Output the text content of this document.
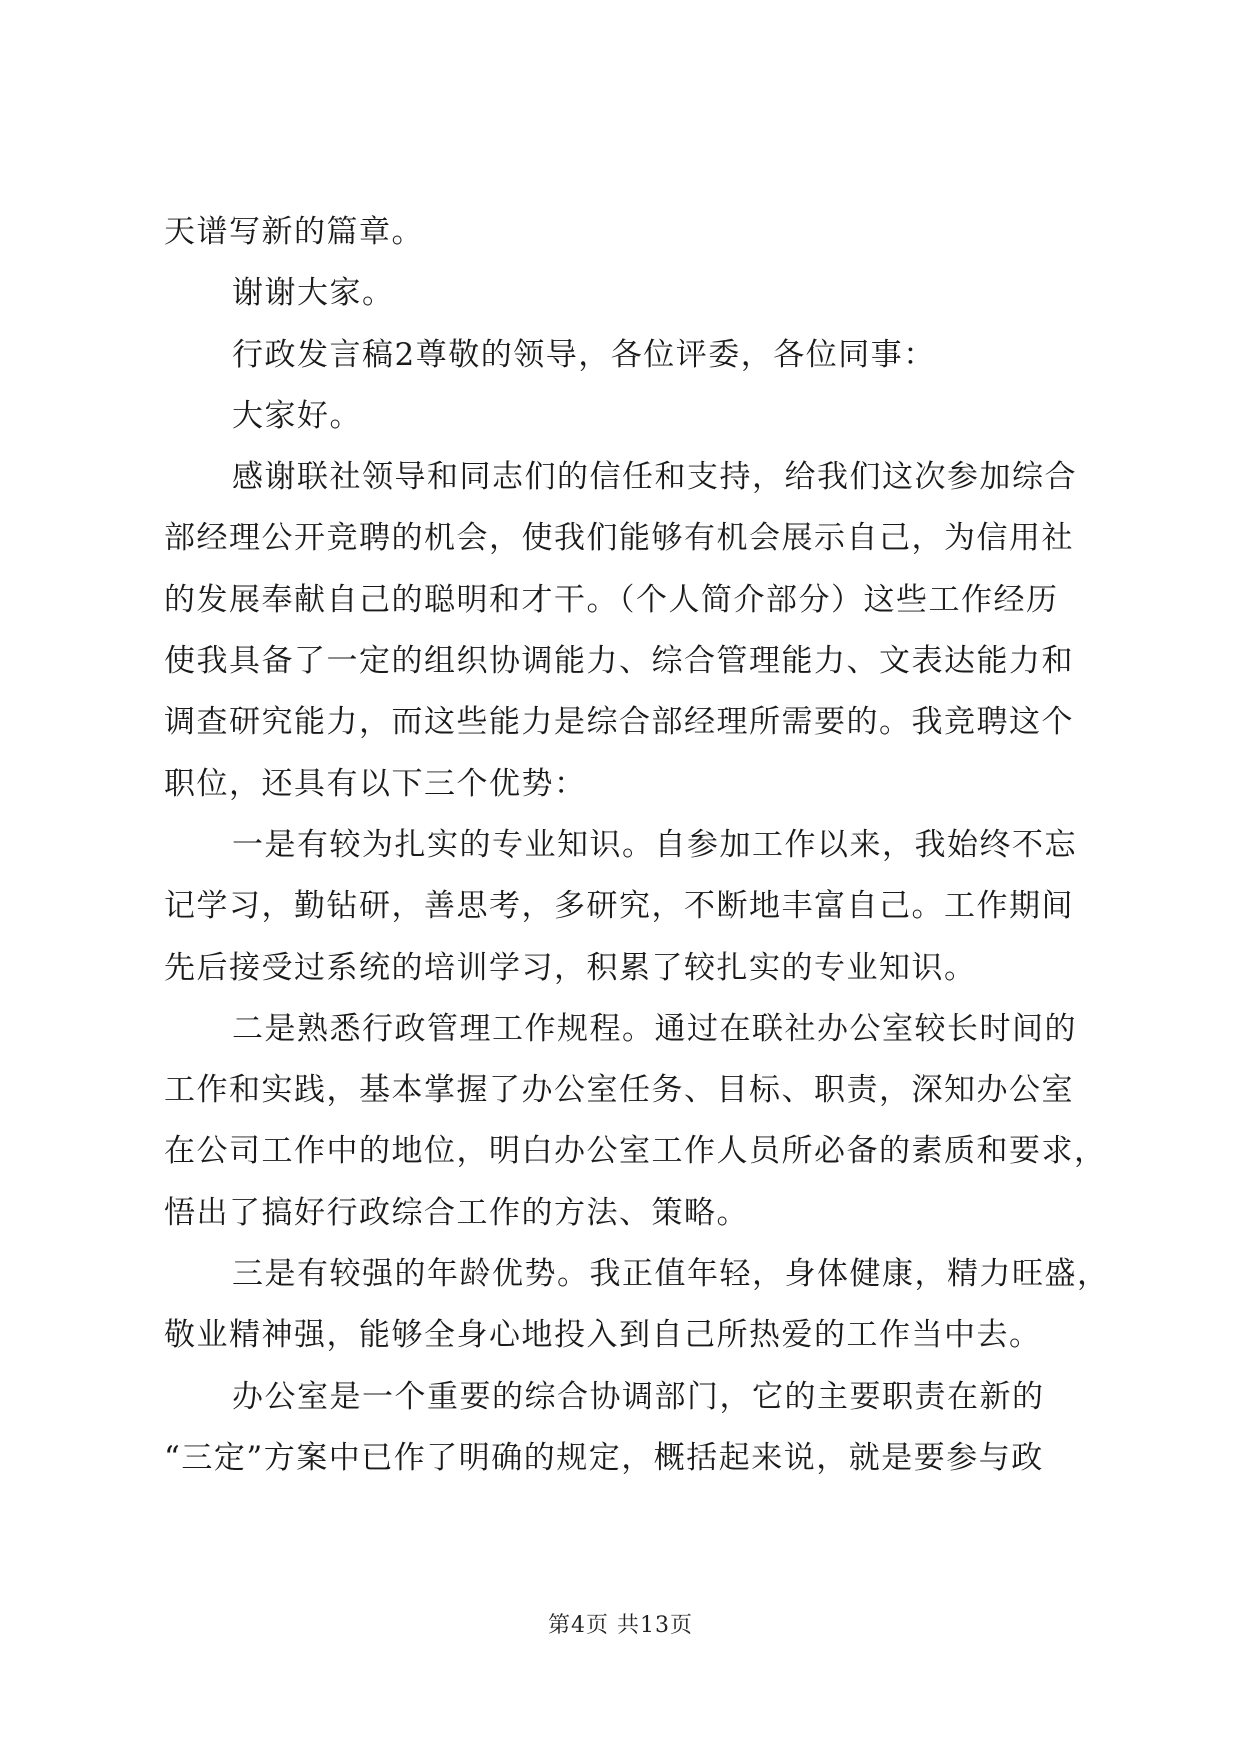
天谱写新的篇章。
谢谢大家。
行政发言稿2尊敬的领导，各位评委，各位同事：
大家好。
感谢联社领导和同志们的信任和支持，给我们这次参加综合
部经理公开竞聘的机会，使我们能够有机会展示自己，为信用社
的发展奉献自己的聪明和才干。（个人简介部分）这些工作经历
使我具备了一定的组织协调能力、综合管理能力、文表达能力和
调查研究能力，而这些能力是综合部经理所需要的。我竞聘这个
职位，还具有以下三个优势：
一是有较为扎实的专业知识。自参加工作以来，我始终不忘
记学习，勤钻研，善思考，多研究，不断地丰富自己。工作期间
先后接受过系统的培训学习，积累了较扎实的专业知识。
二是熟悉行政管理工作规程。通过在联社办公室较长时间的
工作和实践，基本掌握了办公室任务、目标、职责，深知办公室
在公司工作中的地位，明白办公室工作人员所必备的素质和要求，
悟出了搞好行政综合工作的方法、策略。
三是有较强的年龄优势。我正值年轻，身体健康，精力旺盛，
敬业精神强，能够全身心地投入到自己所热爱的工作当中去。
办公室是一个重要的综合协调部门，它的主要职责在新的
“三定”方案中已作了明确的规定，概括起来说，就是要参与政
第4页 共13页
